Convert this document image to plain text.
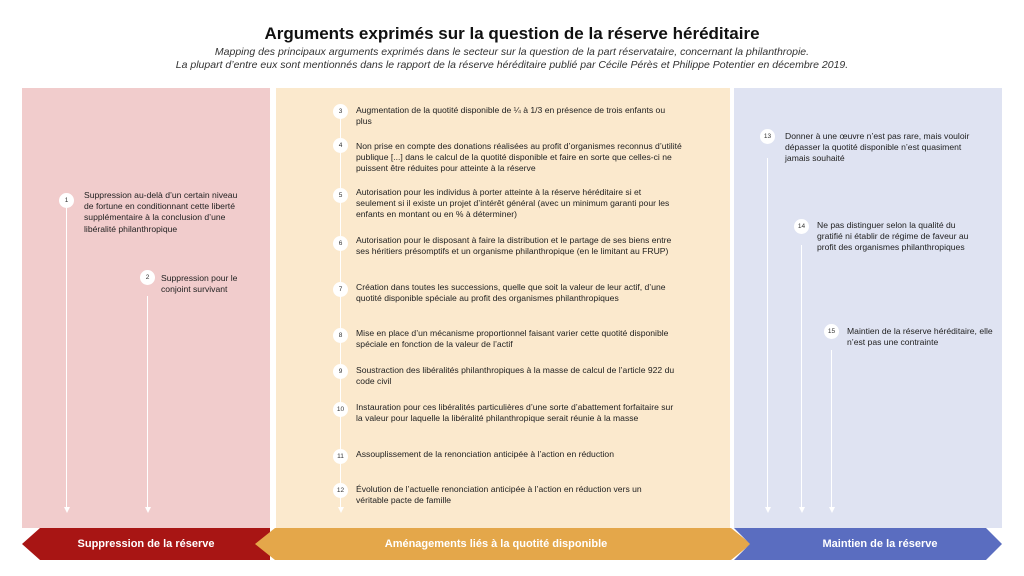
Arguments exprimés sur la question de la réserve héréditaire
Mapping des principaux arguments exprimés dans le secteur sur la question de la part réservataire, concernant la philanthropie.
La plupart d’entre eux sont mentionnés dans le rapport de la réserve héréditaire publié par Cécile Pérès et Philippe Potentier en décembre 2019.
1
Suppression au-delà d’un certain niveau de fortune en conditionnant cette liberté supplémentaire à la conclusion d’une libéralité philanthropique
2	Suppression pour le conjoint survivant
3	Augmentation de la quotité disponible de ¼ à 1/3 en présence de trois enfants ou plus
4	Non prise en compte des donations réalisées au profit d’organismes reconnus d’utilité publique [...] dans le calcul de la quotité disponible et faire en sorte que celles-ci ne puissent être réduites pour atteinte à la réserve
5	Autorisation pour les individus à porter atteinte à la réserve héréditaire si et seulement si il existe un projet d’intérêt général (avec un minimum garanti pour les enfants en montant ou en % à déterminer)
6	Autorisation pour le disposant à faire la distribution et le partage de ses biens entre ses héritiers présomptifs et un organisme philanthropique (en le limitant au FRUP)
7	Création dans toutes les successions, quelle que soit la valeur de leur actif, d’une quotité disponible spéciale au profit des organismes philanthropiques
8	Mise en place d’un mécanisme proportionnel faisant varier cette quotité disponible spéciale en fonction de la valeur de l’actif
9	Soustraction des libéralités philanthropiques à la masse de calcul de l’article 922 du code civil
10	Instauration pour ces libéralités particulières d’une sorte d’abattement forfaitaire sur la valeur pour laquelle la libéralité philanthropique serait réunie à la masse
11	Assouplissement de la renonciation anticipée à l’action en réduction
12	Évolution de l’actuelle renonciation anticipée à l’action en réduction vers un véritable pacte de famille
13	Donner à une œuvre n’est pas rare, mais vouloir dépasser la quotité disponible n’est quasiment jamais souhaité
14	Ne pas distinguer selon la qualité du gratifié ni établir de régime de faveur au profit des organismes philanthropiques
15	Maintien de la réserve héréditaire, elle n’est pas une contrainte
Suppression de la réserve	Aménagements liés à la quotité disponible	Maintien de la réserve
